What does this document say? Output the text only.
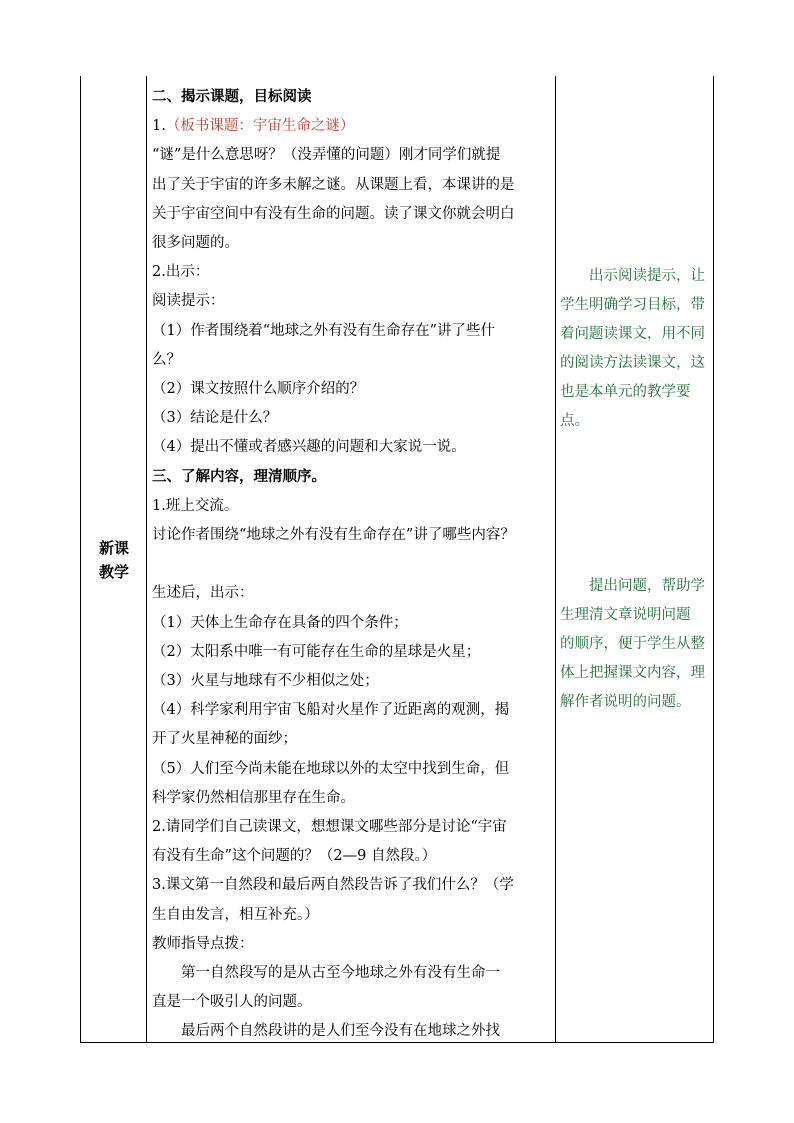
新课
教学
二、揭示课题，目标阅读
1.（板书课题：宇宙生命之谜）
“谜”是什么意思呀？（没弄懂的问题）刚才同学们就提
出了关于宇宙的许多未解之谜。从课题上看，本课讲的是
关于宇宙空间中有没有生命的问题。读了课文你就会明白
很多问题的。
2.出示：
阅读提示：
（1）作者围绕着“地球之外有没有生命存在”讲了些什
么？
（2）课文按照什么顺序介绍的？
（3）结论是什么？
（4）提出不懂或者感兴趣的问题和大家说一说。
三、了解内容，理清顺序。
1.班上交流。
讨论作者围绕“地球之外有没有生命存在”讲了哪些内容？
生述后，出示：
（1）天体上生命存在具备的四个条件；
（2）太阳系中唯一有可能存在生命的星球是火星；
（3）火星与地球有不少相似之处；
（4）科学家利用宇宙飞船对火星作了近距离的观测，揭
开了火星神秘的面纱；
（5）人们至今尚未能在地球以外的太空中找到生命，但
科学家仍然相信那里存在生命。
2.请同学们自己读课文，想想课文哪些部分是讨论“宇宙
有没有生命”这个问题的？（2—9 自然段。）
3.课文第一自然段和最后两自然段告诉了我们什么？（学
生自由发言，相互补充。）
教师指导点拨：
　　第一自然段写的是从古至今地球之外有没有生命一
直是一个吸引人的问题。
　　最后两个自然段讲的是人们至今没有在地球之外找

　　出示阅读提示，让

学生明确学习目标，带

着问题读课文，用不同

的阅读方法读课文，这

也是本单元的教学要

点。

　　提出问题，帮助学

生理清文章说明问题

的顺序，便于学生从整

体上把握课文内容，理

解作者说明的问题。
